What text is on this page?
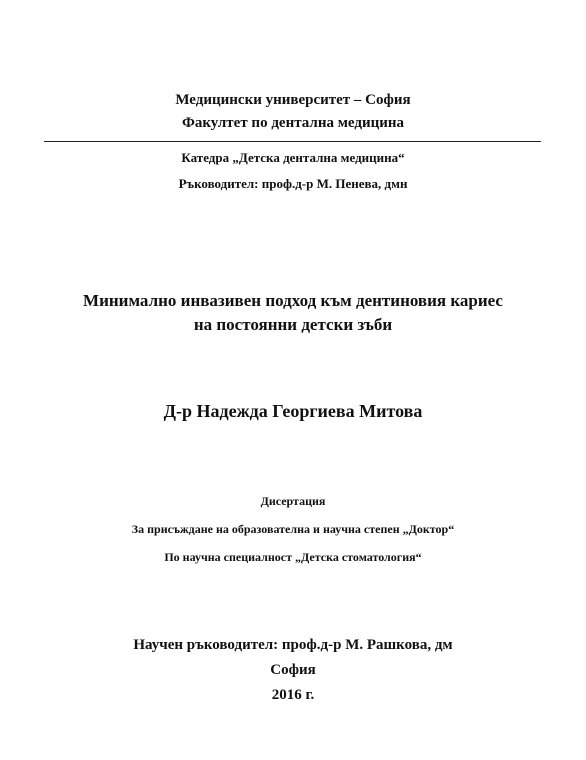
Медицински университет – София
Факултет по дентална медицина
Катедра „Детска дентална медицина“
Ръководител: проф.д-р М. Пенева, дмн
Минимално инвазивен подход към дентиновия кариес
на постоянни детски зъби
Д-р Надежда Георгиева Митова
Дисертация
За присъждане на образователна и научна степен „Доктор“
По научна специалност „Детска стоматология“
Научен ръководител: проф.д-р М. Рашкова, дм
София
2016 г.
